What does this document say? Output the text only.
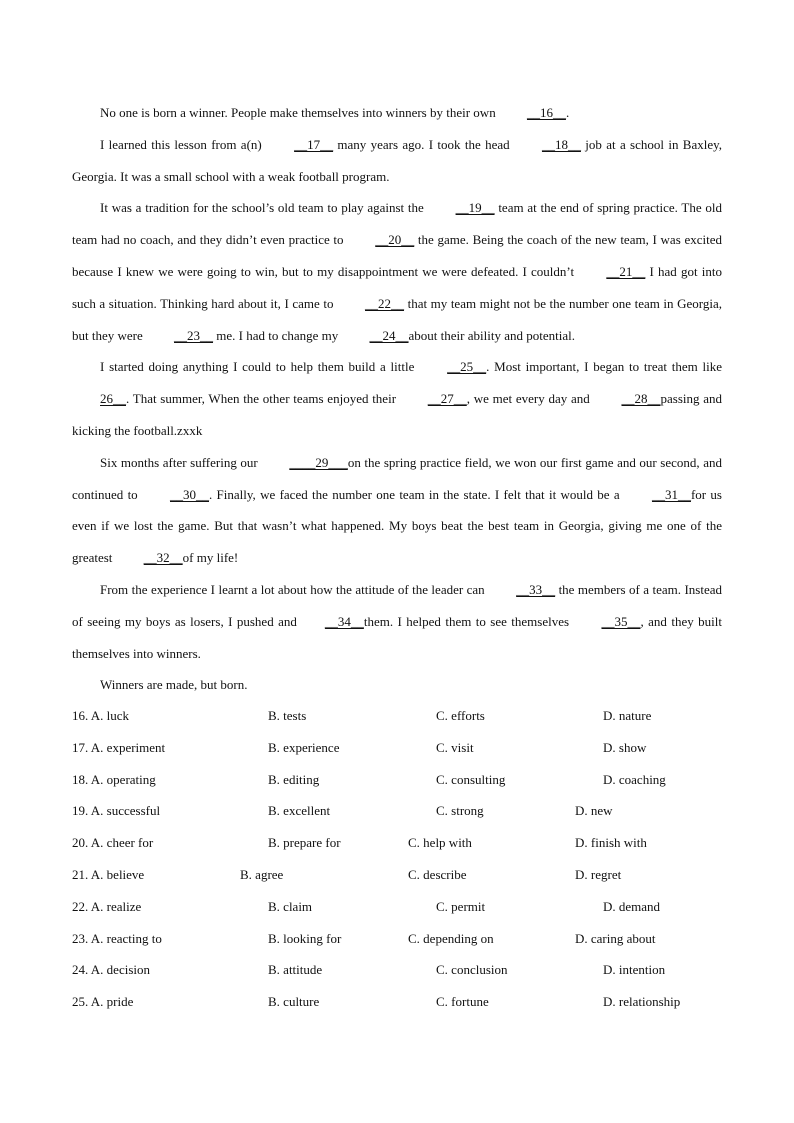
No one is born a winner. People make themselves into winners by their own __16__.

I learned this lesson from a(n) __17__ many years ago. I took the head __18__ job at a school in Baxley, Georgia. It was a small school with a weak football program.

It was a tradition for the school’s old team to play against the __19__ team at the end of spring practice. The old team had no coach, and they didn’t even practice to __20__ the game. Being the coach of the new team, I was excited because I knew we were going to win, but to my disappointment we were defeated. I couldn’t __21__ I had got into such a situation. Thinking hard about it, I came to __22__ that my team might not be the number one team in Georgia, but they were __23__ me. I had to change my __24__about their ability and potential.

I started doing anything I could to help them build a little __25__. Most important, I began to treat them like 26__. That summer, When the other teams enjoyed their __27__, we met every day and __28__passing and kicking the football.zxxk

Six months after suffering our ____29___on the spring practice field, we won our first game and our second, and continued to __30__. Finally, we faced the number one team in the state. I felt that it would be a __31__for us even if we lost the game. But that wasn’t what happened. My boys beat the best team in Georgia, giving me one of the greatest __32__of my life!

From the experience I learnt a lot about how the attitude of the leader can __33__ the members of a team. Instead of seeing my boys as losers, I pushed and __34__them. I helped them to see themselves __35__, and they built themselves into winners.

Winners are made, but born.

16. A. luck	B. tests	C. efforts	D. nature
17. A. experiment	B. experience	C. visit	D. show
18. A. operating	B. editing	C. consulting	D. coaching
19. A. successful	B. excellent	C. strong	D. new
20. A. cheer for	B. prepare for	C. help with	D. finish with
21. A. believe	B. agree	C. describe	D. regret
22. A. realize	B. claim	C. permit	D. demand
23. A. reacting to	B. looking for	C. depending on	D. caring about
24. A. decision	B. attitude	C. conclusion	D. intention
25. A. pride	B. culture	C. fortune	D. relationship
